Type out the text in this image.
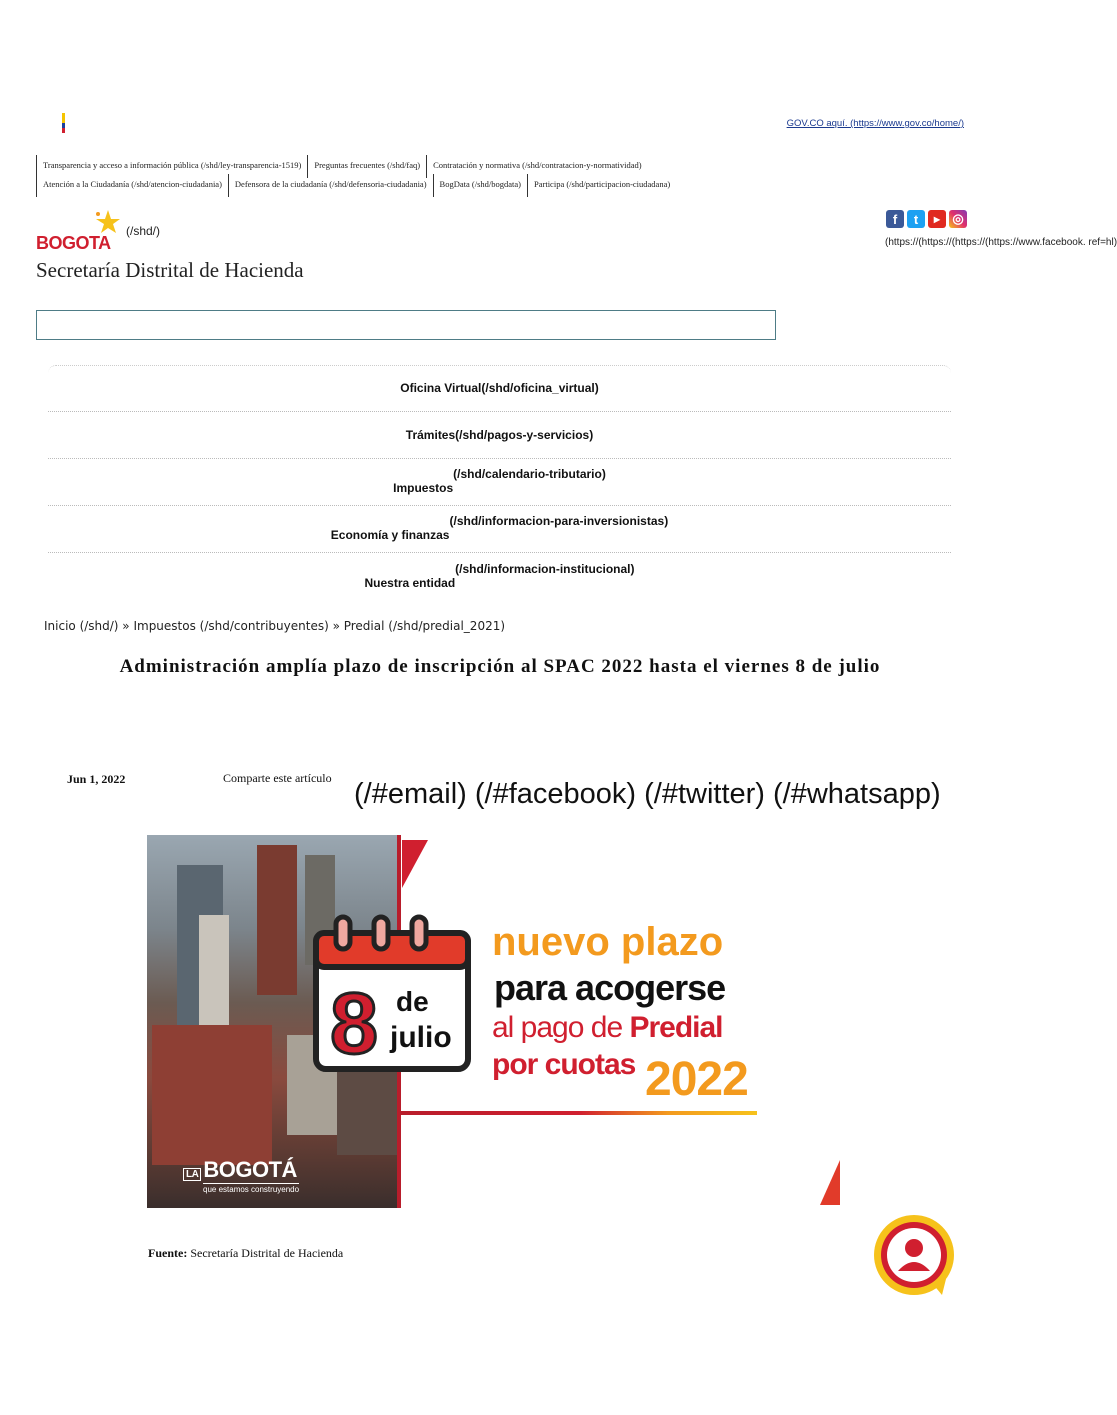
GOV.CO aquí. (https://www.gov.co/home/)
Transparencia y acceso a información pública (/shd/ley-transparencia-1519)	Preguntas frecuentes (/shd/faq)	Contratación y normativa (/shd/contratacion-y-normatividad)
Atención a la Ciudadanía (/shd/atencion-ciudadania)	Defensora de la ciudadanía (/shd/defensoria-ciudadania)	BogData (/shd/bogdata)	Participa (/shd/participacion-ciudadana)
BOGOTA
(/shd/)
Secretaría Distrital de Hacienda
f	t	▶ ◎
(https://(https://(https://(https://www.facebook. ref=hl)
Oficina Virtual (/shd/oficina_virtual)
Trámites (/shd/pagos-y-servicios)
Impuestos
(/shd/calendario-tributario)
Economía y finanzas
(/shd/informacion-para-inversionistas)
Nuestra entidad
(/shd/informacion-institucional)
Inicio (/shd/) » Impuestos (/shd/contribuyentes) » Predial (/shd/predial_2021)
Administración amplía plazo de inscripción al SPAC 2022 hasta el viernes 8 de julio
Jun 1, 2022	Comparte este artículo (/#email) (/#facebook) (/#twitter) (/#whatsapp)
LA BOGOTÁ
que estamos construyendo
8 de
julio
nuevo plazo
para acogerse
al pago de Predial
por cuotas 2022
Fuente: Secretaría Distrital de Hacienda
